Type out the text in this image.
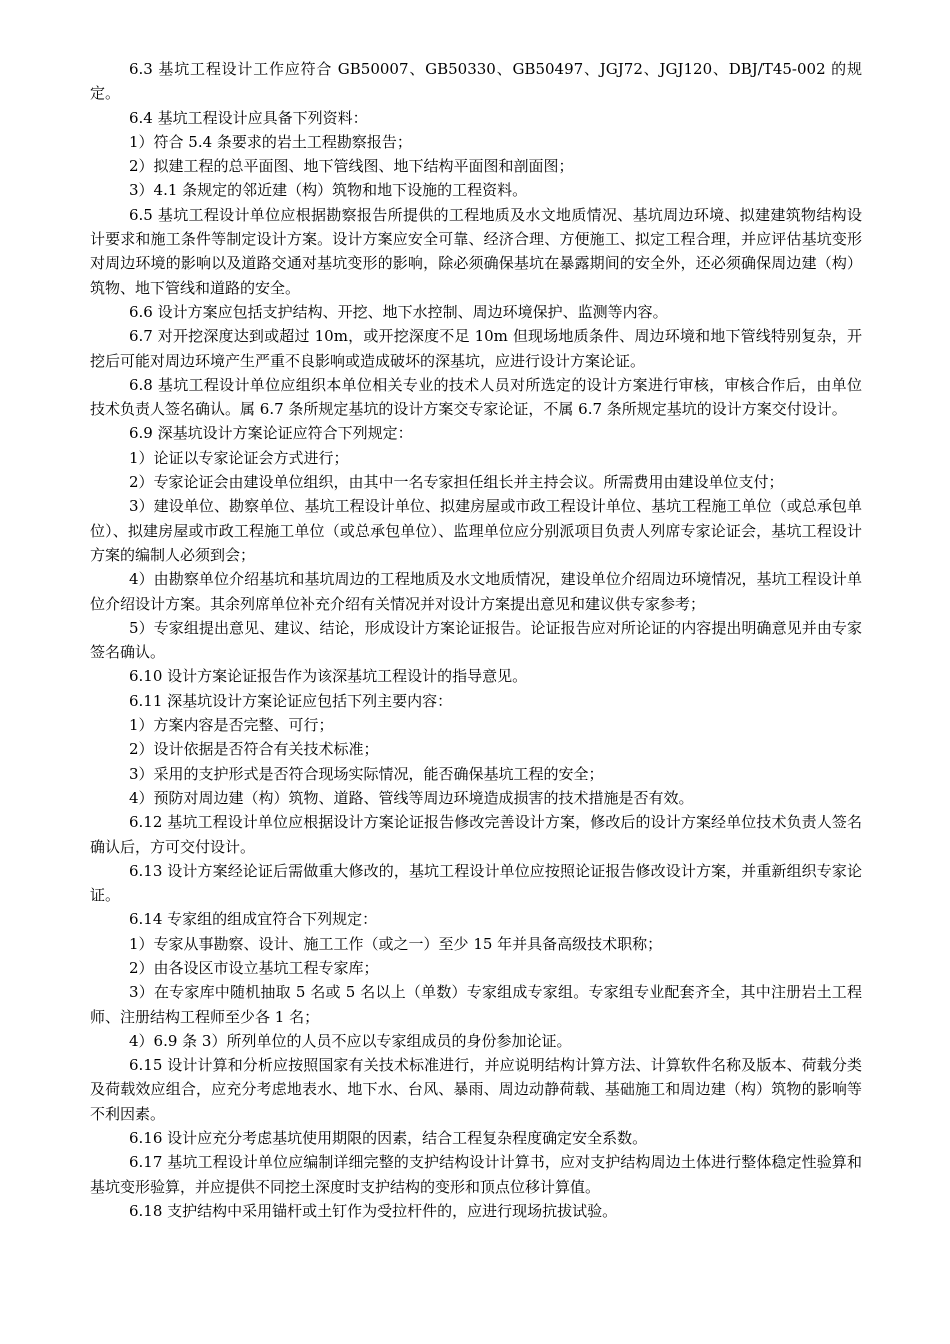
6.3 基坑工程设计工作应符合 GB50007、GB50330、GB50497、JGJ72、JGJ120、DBJ/T45-002 的规定。

6.4 基坑工程设计应具备下列资料：

1）符合 5.4 条要求的岩土工程勘察报告；

2）拟建工程的总平面图、地下管线图、地下结构平面图和剖面图；

3）4.1 条规定的邻近建（构）筑物和地下设施的工程资料。

6.5 基坑工程设计单位应根据勘察报告所提供的工程地质及水文地质情况、基坑周边环境、拟建建筑物结构设计要求和施工条件等制定设计方案。设计方案应安全可靠、经济合理、方便施工、拟定工程合理，并应评估基坑变形对周边环境的影响以及道路交通对基坑变形的影响，除必须确保基坑在暴露期间的安全外，还必须确保周边建（构）筑物、地下管线和道路的安全。

6.6 设计方案应包括支护结构、开挖、地下水控制、周边环境保护、监测等内容。

6.7 对开挖深度达到或超过 10m，或开挖深度不足 10m 但现场地质条件、周边环境和地下管线特别复杂，开挖后可能对周边环境产生严重不良影响或造成破坏的深基坑，应进行设计方案论证。

6.8 基坑工程设计单位应组织本单位相关专业的技术人员对所选定的设计方案进行审核，审核合作后，由单位技术负责人签名确认。属 6.7 条所规定基坑的设计方案交专家论证，不属 6.7 条所规定基坑的设计方案交付设计。

6.9 深基坑设计方案论证应符合下列规定：

1）论证以专家论证会方式进行；

2）专家论证会由建设单位组织，由其中一名专家担任组长并主持会议。所需费用由建设单位支付；

3）建设单位、勘察单位、基坑工程设计单位、拟建房屋或市政工程设计单位、基坑工程施工单位（或总承包单位）、拟建房屋或市政工程施工单位（或总承包单位）、监理单位应分别派项目负责人列席专家论证会，基坑工程设计方案的编制人必须到会；

4）由勘察单位介绍基坑和基坑周边的工程地质及水文地质情况，建设单位介绍周边环境情况，基坑工程设计单位介绍设计方案。其余列席单位补充介绍有关情况并对设计方案提出意见和建议供专家参考；

5）专家组提出意见、建议、结论，形成设计方案论证报告。论证报告应对所论证的内容提出明确意见并由专家签名确认。

6.10 设计方案论证报告作为该深基坑工程设计的指导意见。

6.11 深基坑设计方案论证应包括下列主要内容：

1）方案内容是否完整、可行；

2）设计依据是否符合有关技术标准；

3）采用的支护形式是否符合现场实际情况，能否确保基坑工程的安全；

4）预防对周边建（构）筑物、道路、管线等周边环境造成损害的技术措施是否有效。

6.12 基坑工程设计单位应根据设计方案论证报告修改完善设计方案，修改后的设计方案经单位技术负责人签名确认后，方可交付设计。

6.13 设计方案经论证后需做重大修改的，基坑工程设计单位应按照论证报告修改设计方案，并重新组织专家论证。

6.14 专家组的组成宜符合下列规定：

1）专家从事勘察、设计、施工工作（或之一）至少 15 年并具备高级技术职称；

2）由各设区市设立基坑工程专家库；

3）在专家库中随机抽取 5 名或 5 名以上（单数）专家组成专家组。专家组专业配套齐全，其中注册岩土工程师、注册结构工程师至少各 1 名；

4）6.9 条 3）所列单位的人员不应以专家组成员的身份参加论证。

6.15 设计计算和分析应按照国家有关技术标准进行，并应说明结构计算方法、计算软件名称及版本、荷载分类及荷载效应组合，应充分考虑地表水、地下水、台风、暴雨、周边动静荷载、基础施工和周边建（构）筑物的影响等不利因素。

6.16 设计应充分考虑基坑使用期限的因素，结合工程复杂程度确定安全系数。

6.17 基坑工程设计单位应编制详细完整的支护结构设计计算书，应对支护结构周边土体进行整体稳定性验算和基坑变形验算，并应提供不同挖土深度时支护结构的变形和顶点位移计算值。

6.18 支护结构中采用锚杆或土钉作为受拉杆件的，应进行现场抗拔试验。
